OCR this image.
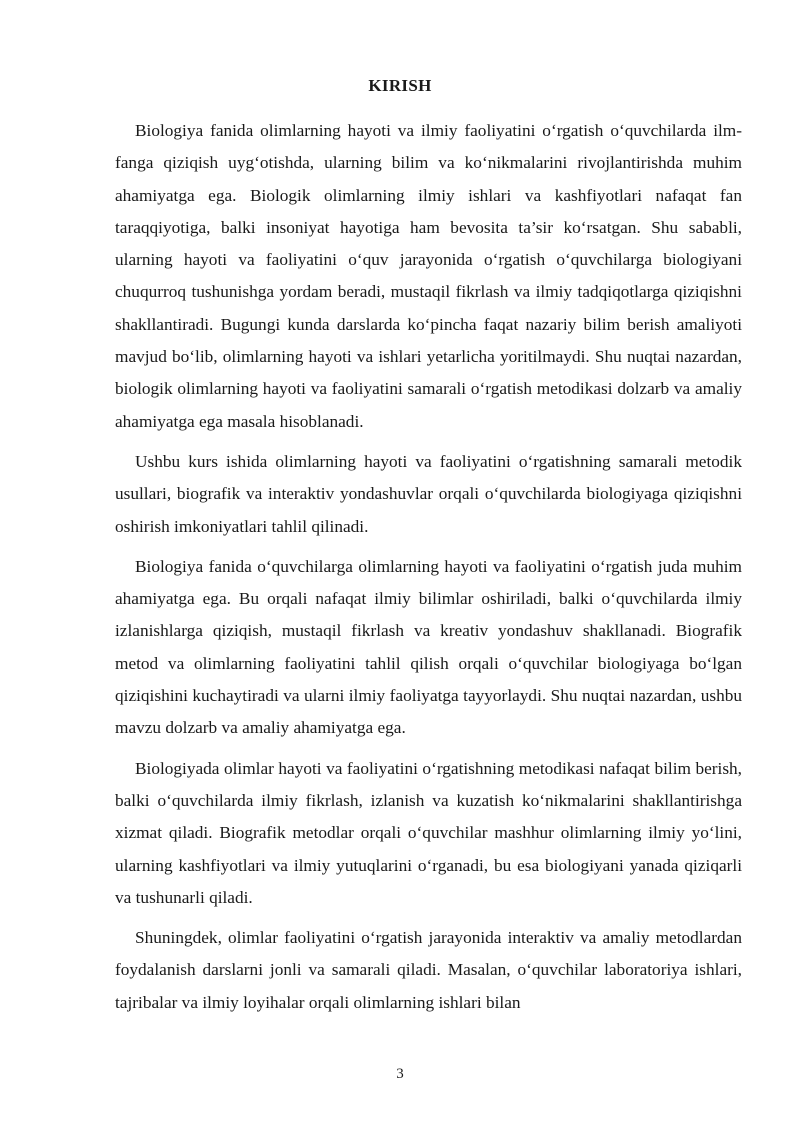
KIRISH

Biologiya fanida olimlarning hayoti va ilmiy faoliyatini o‘rgatish o‘quvchilarda ilm-fanga qiziqish uyg‘otishda, ularning bilim va ko‘nikmalarini rivojlantirishda muhim ahamiyatga ega. Biologik olimlarning ilmiy ishlari va kashfiyotlari nafaqat fan taraqqiyotiga, balki insoniyat hayotiga ham bevosita ta’sir ko‘rsatgan. Shu sababli, ularning hayoti va faoliyatini o‘quv jarayonida o‘rgatish o‘quvchilarga biologiyani chuqurroq tushunishga yordam beradi, mustaqil fikrlash va ilmiy tadqiqotlarga qiziqishni shakllantiradi. Bugungi kunda darslarda ko‘pincha faqat nazariy bilim berish amaliyoti mavjud bo‘lib, olimlarning hayoti va ishlari yetarlicha yoritilmaydi. Shu nuqtai nazardan, biologik olimlarning hayoti va faoliyatini samarali o‘rgatish metodikasi dolzarb va amaliy ahamiyatga ega masala hisoblanadi.

Ushbu kurs ishida olimlarning hayoti va faoliyatini o‘rgatishning samarali metodik usullari, biografik va interaktiv yondashuvlar orqali o‘quvchilarda biologiyaga qiziqishni oshirish imkoniyatlari tahlil qilinadi.

Biologiya fanida o‘quvchilarga olimlarning hayoti va faoliyatini o‘rgatish juda muhim ahamiyatga ega. Bu orqali nafaqat ilmiy bilimlar oshiriladi, balki o‘quvchilarda ilmiy izlanishlarga qiziqish, mustaqil fikrlash va kreativ yondashuv shakllanadi. Biografik metod va olimlarning faoliyatini tahlil qilish orqali o‘quvchilar biologiyaga bo‘lgan qiziqishini kuchaytiradi va ularni ilmiy faoliyatga tayyorlaydi. Shu nuqtai nazardan, ushbu mavzu dolzarb va amaliy ahamiyatga ega.

Biologiyada olimlar hayoti va faoliyatini o‘rgatishning metodikasi nafaqat bilim berish, balki o‘quvchilarda ilmiy fikrlash, izlanish va kuzatish ko‘nikmalarini shakllantirishga xizmat qiladi. Biografik metodlar orqali o‘quvchilar mashhur olimlarning ilmiy yo‘lini, ularning kashfiyotlari va ilmiy yutuqlarini o‘rganadi, bu esa biologiyani yanada qiziqarli va tushunarli qiladi.

Shuningdek, olimlar faoliyatini o‘rgatish jarayonida interaktiv va amaliy metodlardan foydalanish darslarni jonli va samarali qiladi. Masalan, o‘quvchilar laboratoriya ishlari, tajribalar va ilmiy loyihalar orqali olimlarning ishlari bilan

3
